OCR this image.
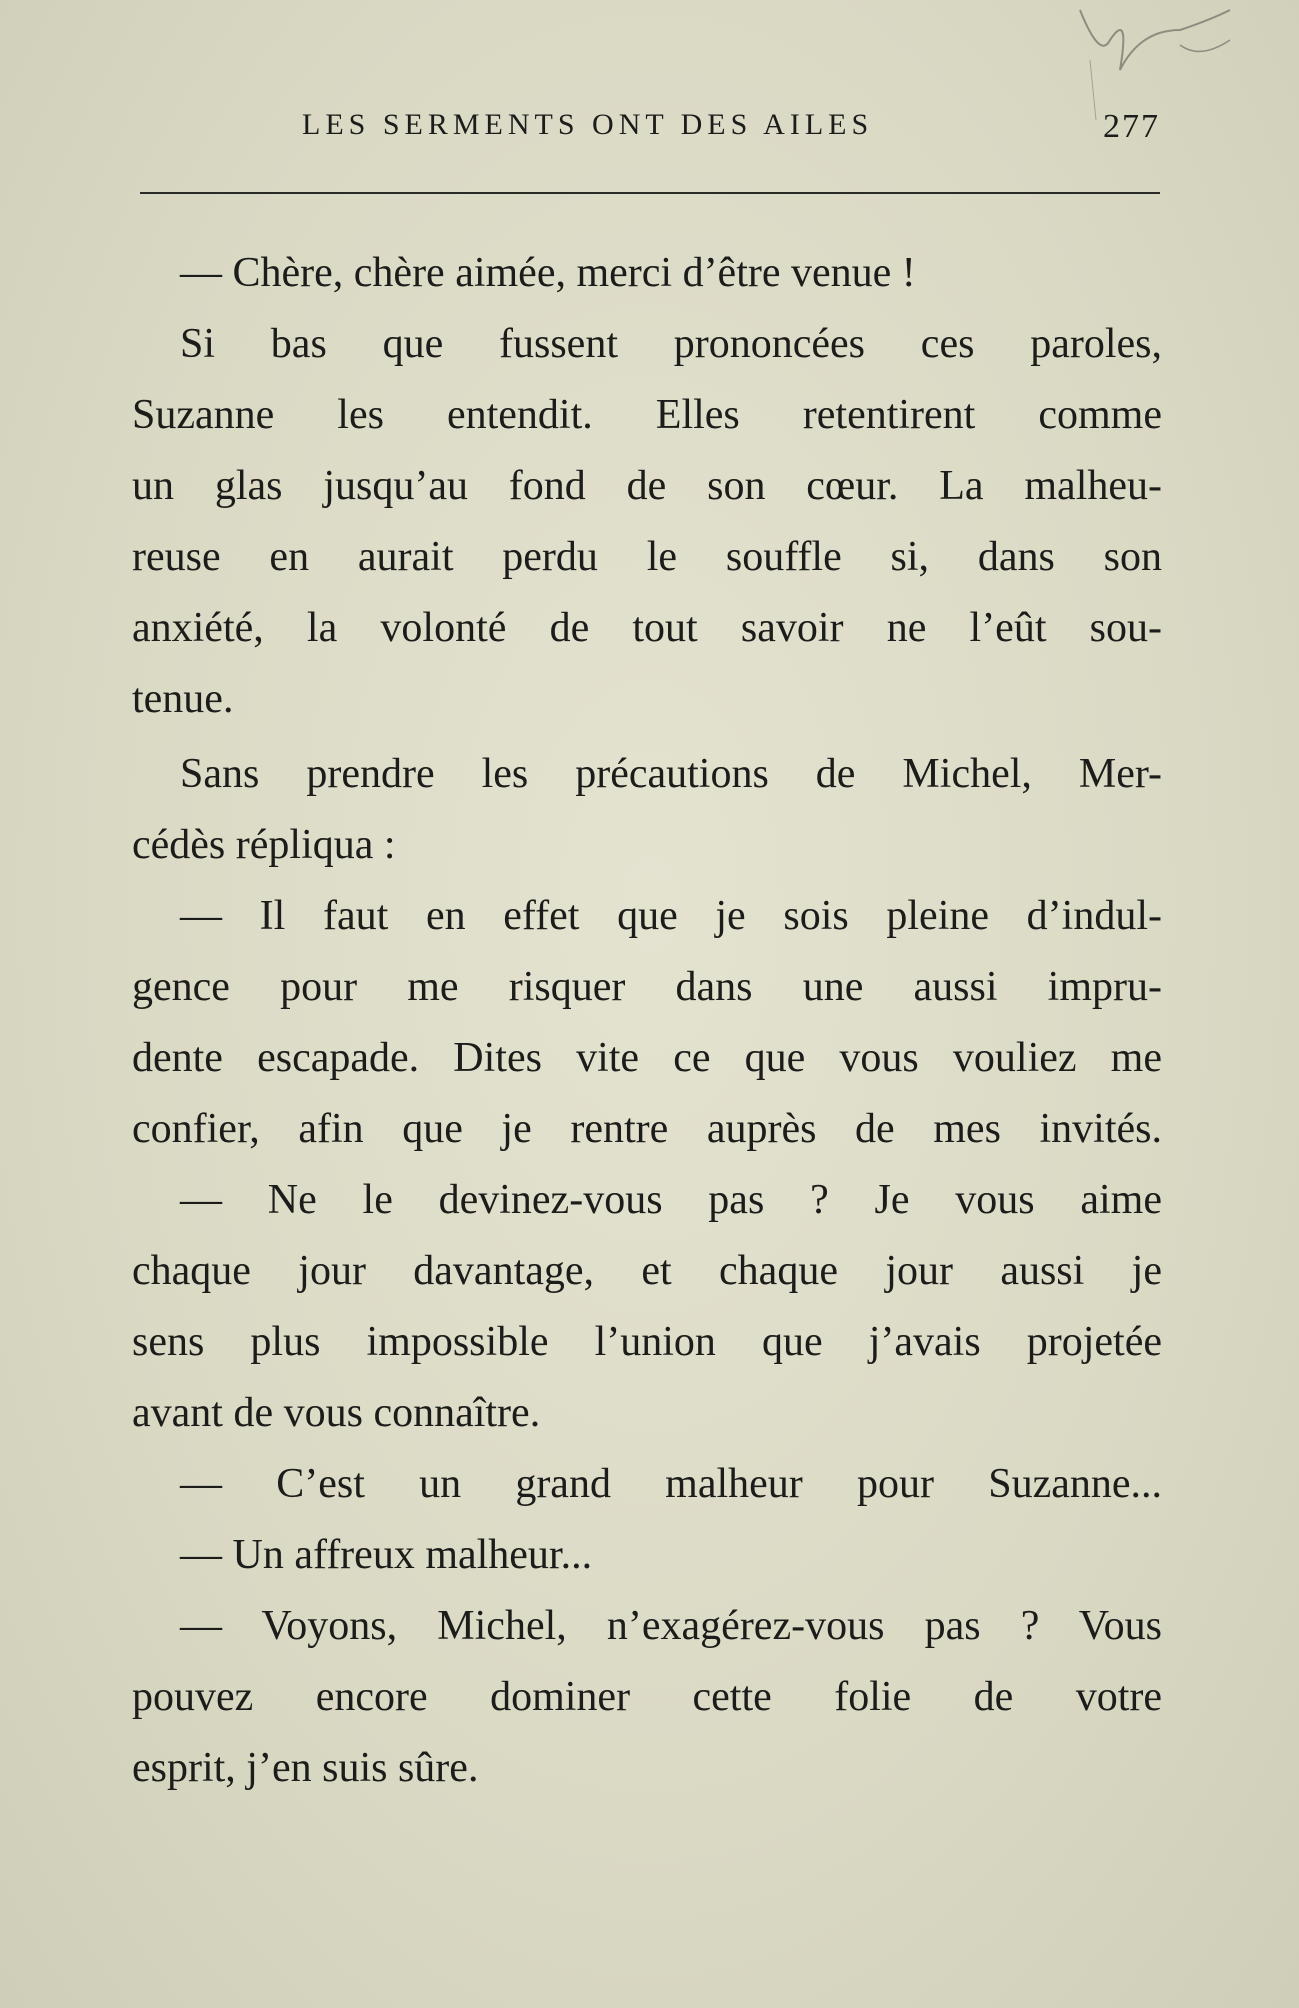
LES SERMENTS ONT DES AILES	277
— Chère, chère aimée, merci d’être venue !
Si bas que fussent prononcées ces paroles,
Suzanne les entendit. Elles retentirent comme
un glas jusqu’au fond de son cœur. La malheu-
reuse en aurait perdu le souffle si, dans son
anxiété, la volonté de tout savoir ne l’eût sou-
tenue.
Sans prendre les précautions de Michel, Mer-
cédès répliqua :
— Il faut en effet que je sois pleine d’indul-
gence pour me risquer dans une aussi impru-
dente escapade. Dites vite ce que vous vouliez me
confier, afin que je rentre auprès de mes invités.
— Ne le devinez-vous pas ? Je vous aime
chaque jour davantage, et chaque jour aussi je
sens plus impossible l’union que j’avais projetée
avant de vous connaître.
— C’est un grand malheur pour Suzanne...
— Un affreux malheur...
— Voyons, Michel, n’exagérez-vous pas ? Vous
pouvez encore dominer cette folie de votre
esprit, j’en suis sûre.
